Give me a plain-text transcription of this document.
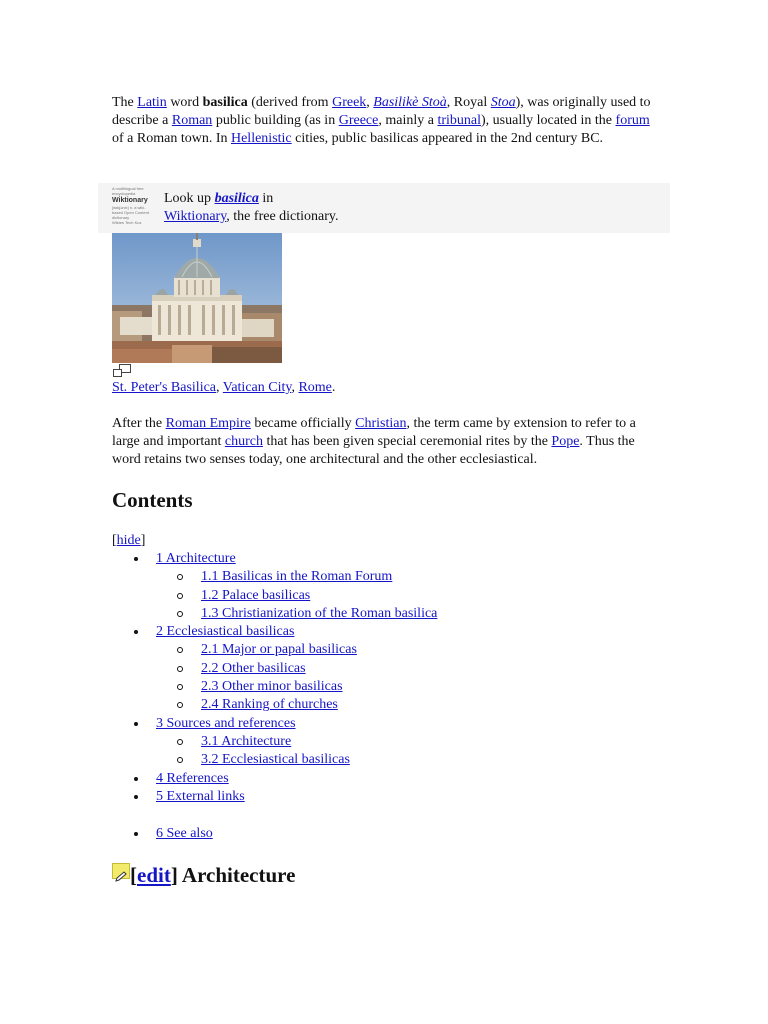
The Latin word basilica (derived from Greek, Basilikè Stoà, Royal Stoa), was originally used to describe a Roman public building (as in Greece, mainly a tribunal), usually located in the forum of a Roman town. In Hellenistic cities, public basilicas appeared in the 2nd century BC.

A multilingual free encyclopedia
Wiktionary
[wɪkʃənrɪ] n. a wiki-based Open Content dictionary
Wiktes Tech Kuz
Look up basilica in
Wiktionary, the free dictionary.

St. Peter's Basilica, Vatican City, Rome.

After the Roman Empire became officially Christian, the term came by extension to refer to a large and important church that has been given special ceremonial rites by the Pope. Thus the word retains two senses today, one architectural and the other ecclesiastical.

Contents
[hide]
1 Architecture
1.1 Basilicas in the Roman Forum
1.2 Palace basilicas
1.3 Christianization of the Roman basilica
2 Ecclesiastical basilicas
2.1 Major or papal basilicas
2.2 Other basilicas
2.3 Other minor basilicas
2.4 Ranking of churches
3 Sources and references
3.1 Architecture
3.2 Ecclesiastical basilicas
4 References
5 External links
6 See also
[edit] Architecture
